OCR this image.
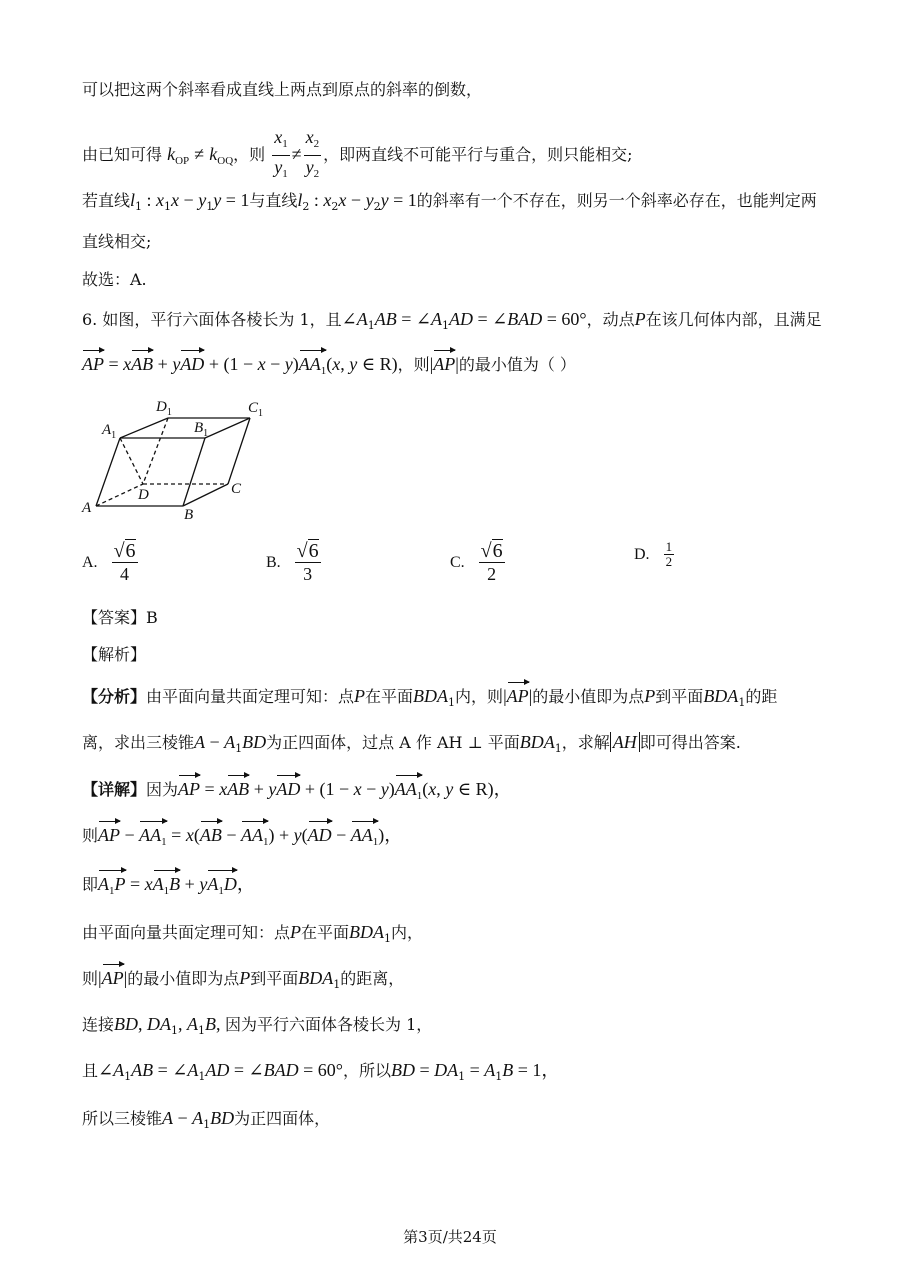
可以把这两个斜率看成直线上两点到原点的斜率的倒数，
由已知可得 $k_{OP} \ne k_{OQ}$，则 $\frac{x_1}{y_1} \ne \frac{x_2}{y_2}$ ，即两直线不可能平行与重合，则只能相交;
若直线$l_1$ : $x_1x - y_1y = 1$与直线$l_2$ : $x_2x - y_2y = 1$的斜率有一个不存在，则另一个斜率必存在，也能判定两
直线相交;
故选：A.
6. 如图，平行六面体各棱长为 1，且$\angle A_1AB$ = $\angle A_1AD$ = ∠BAD = 60°，动点P在该几何体内部，且满足
AP = xAB + yAD + $(1 - x - y)AA_1(x$, y ∈ R)，则|AP|的最小值为（ ）
A	B
C
D
$A_1$	$B_1$
$C_1$
$D_1$
A. $\frac{√6}{4}$	B. $\frac{√6}{3}$	C. $\frac{√6}{2}$	D. $\frac{1}{2}$
【答案】B
【解析】
【分析】由平面向量共面定理可知：点P在平面$BDA_1$内，则|AP|的最小值即为点P到平面$BDA_1$的距
离，求出三棱锥$A - A_1BD$为正四面体，过点 A 作 AH ⊥ 平面$BDA_1$，求解 AH 即可得出答案.
【详解】因为AP = xAB + yAD + $(1 - x - y)AA_1(x$, y ∈ R)，
则AP − $AA_1 = x(AB - AA_1) + y(AD - AA_1)$，
即$A_1P = xA_1B + yA_1D$，
由平面向量共面定理可知：点P在平面$BDA_1$内，
则|AP|的最小值即为点P到平面$BDA_1$的距离，
连接BD, $DA_1$, $A_1B$, 因为平行六面体各棱长为 1，
且$\angle A_1AB$ = $\angle A_1AD$ = ∠BAD = 60°，所以BD = $DA_1 = A_1B = 1$，
所以三棱锥$A - A_1BD$为正四面体，
第3页/共24页
